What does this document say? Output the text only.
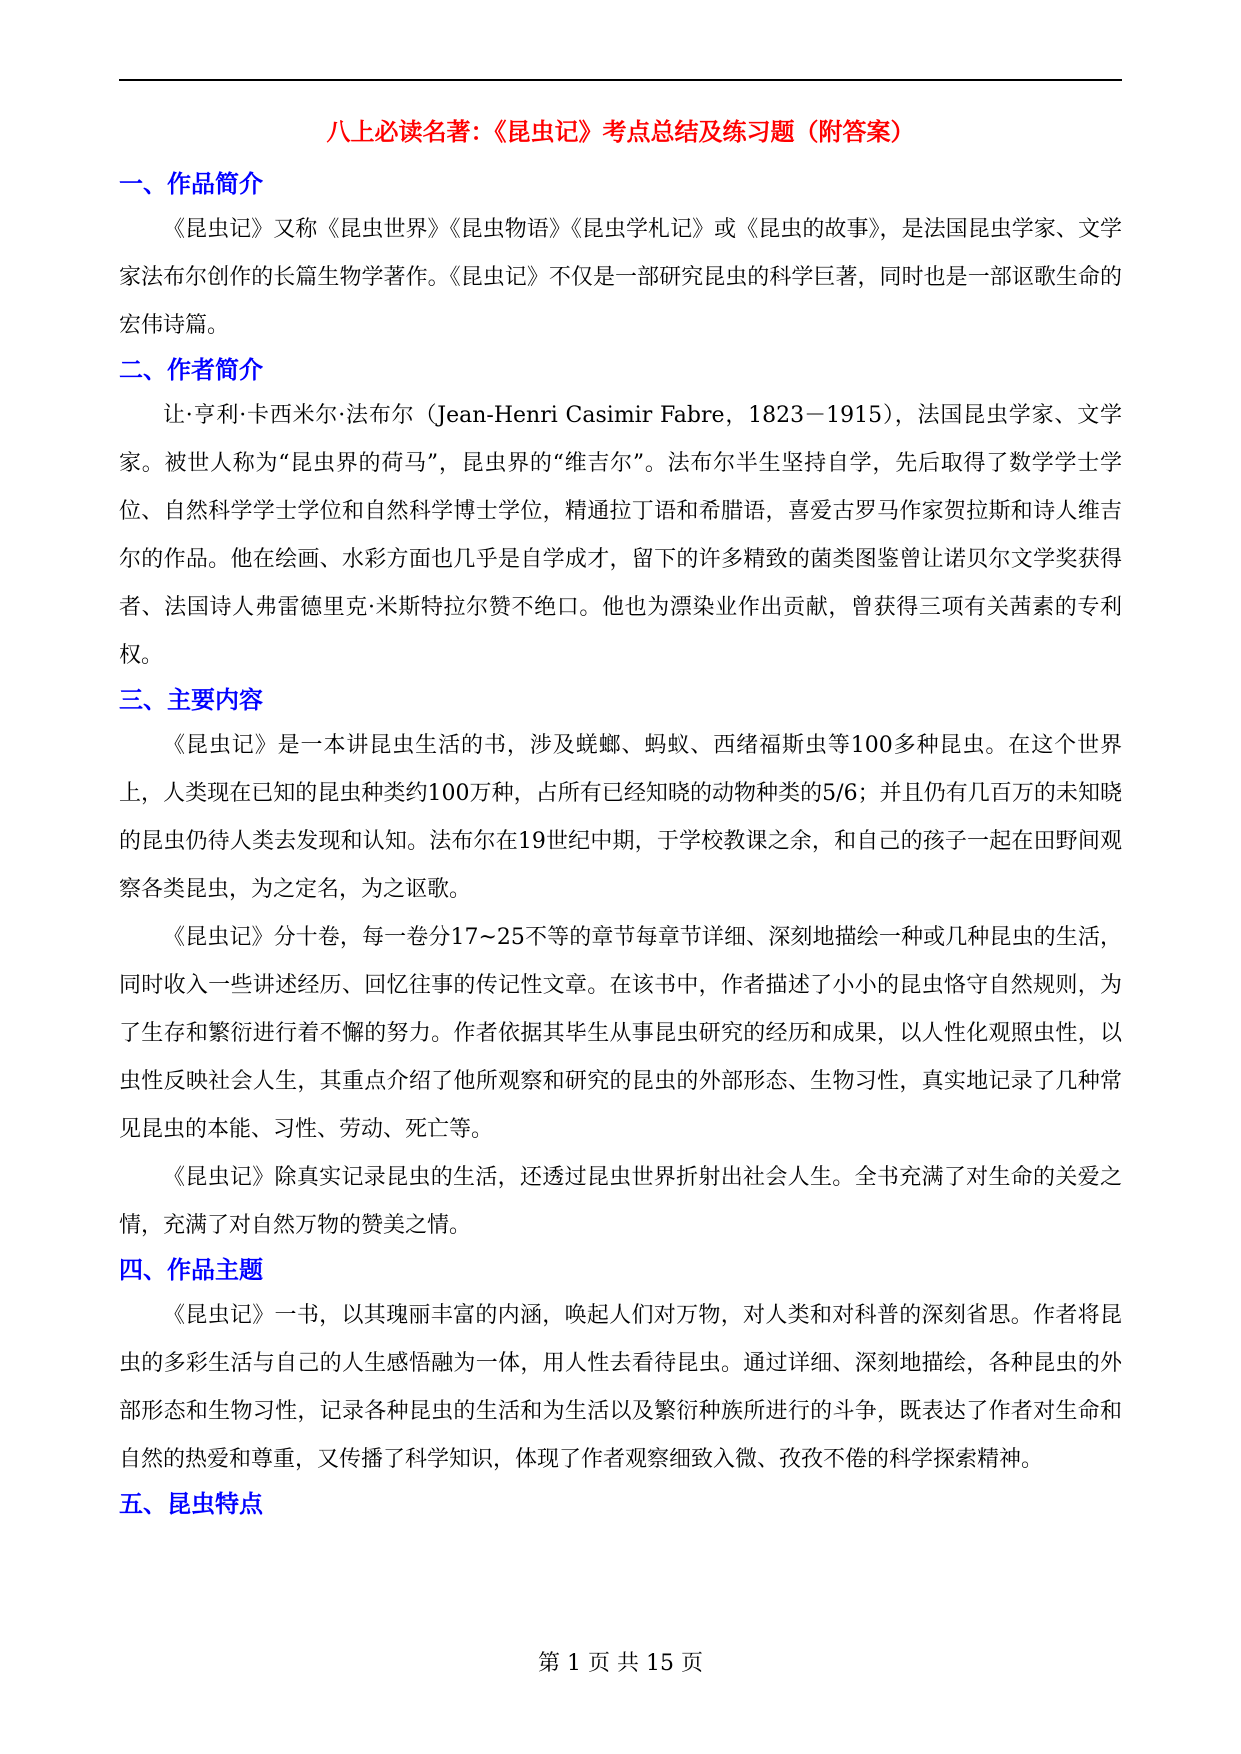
八上必读名著：《昆虫记》考点总结及练习题（附答案）
一、作品简介

《昆虫记》又称《昆虫世界》《昆虫物语》《昆虫学札记》或《昆虫的故事》，是法国昆虫学家、文学家法布尔创作的长篇生物学著作。《昆虫记》不仅是一部研究昆虫的科学巨著，同时也是一部讴歌生命的宏伟诗篇。

二、作者简介

让·亨利·卡西米尔·法布尔（Jean-Henri Casimir Fabre，1823－1915），法国昆虫学家、文学家。被世人称为“昆虫界的荷马”，昆虫界的“维吉尔”。法布尔半生坚持自学，先后取得了数学学士学位、自然科学学士学位和自然科学博士学位，精通拉丁语和希腊语，喜爱古罗马作家贺拉斯和诗人维吉尔的作品。他在绘画、水彩方面也几乎是自学成才，留下的许多精致的菌类图鉴曾让诺贝尔文学奖获得者、法国诗人弗雷德里克·米斯特拉尔赞不绝口。他也为漂染业作出贡献，曾获得三项有关茜素的专利权。

三、主要内容

《昆虫记》是一本讲昆虫生活的书，涉及蜣螂、蚂蚁、西绪福斯虫等100多种昆虫。在这个世界上，人类现在已知的昆虫种类约100万种，占所有已经知晓的动物种类的5/6；并且仍有几百万的未知晓的昆虫仍待人类去发现和认知。法布尔在19世纪中期，于学校教课之余，和自己的孩子一起在田野间观察各类昆虫，为之定名，为之讴歌。

《昆虫记》分十卷，每一卷分17~25不等的章节每章节详细、深刻地描绘一种或几种昆虫的生活，同时收入一些讲述经历、回忆往事的传记性文章。在该书中，作者描述了小小的昆虫恪守自然规则，为了生存和繁衍进行着不懈的努力。作者依据其毕生从事昆虫研究的经历和成果，以人性化观照虫性，以虫性反映社会人生，其重点介绍了他所观察和研究的昆虫的外部形态、生物习性，真实地记录了几种常见昆虫的本能、习性、劳动、死亡等。

《昆虫记》除真实记录昆虫的生活，还透过昆虫世界折射出社会人生。全书充满了对生命的关爱之情，充满了对自然万物的赞美之情。

四、作品主题

《昆虫记》一书，以其瑰丽丰富的内涵，唤起人们对万物，对人类和对科普的深刻省思。作者将昆虫的多彩生活与自己的人生感悟融为一体，用人性去看待昆虫。通过详细、深刻地描绘，各种昆虫的外部形态和生物习性，记录各种昆虫的生活和为生活以及繁衍种族所进行的斗争，既表达了作者对生命和自然的热爱和尊重，又传播了科学知识，体现了作者观察细致入微、孜孜不倦的科学探索精神。

五、昆虫特点
第 1 页 共 15 页
